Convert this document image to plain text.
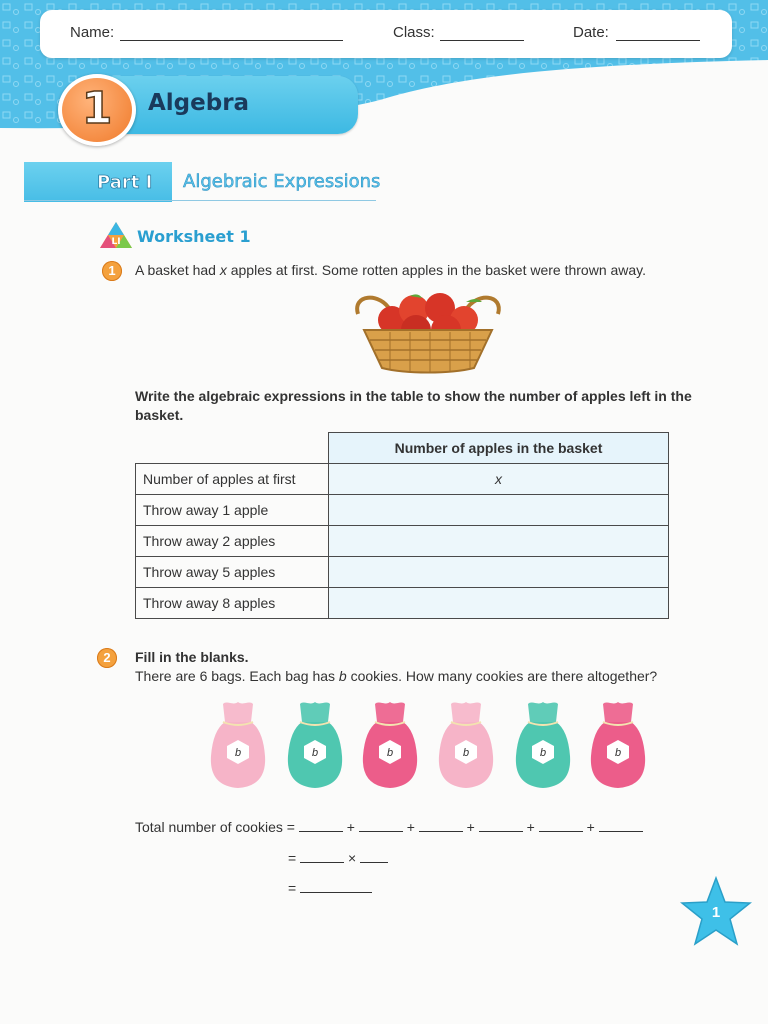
Name:	Class:	Date:
1	Algebra
Part I Algebraic Expressions
LI Worksheet 1
1	A basket had x apples at first. Some rotten apples in the basket were thrown away.
Write the algebraic expressions in the table to show the number of apples left in the basket.
	Number of apples in the basket
Number of apples at first	x
Throw away 1 apple	
Throw away 2 apples	
Throw away 5 apples	
Throw away 8 apples	
2	Fill in the blanks.
There are 6 bags. Each bag has b cookies. How many cookies are there altogether?
b	b	b	b	b	b
Total number of cookies =	+	+	+	+	+
=	×
=
1
